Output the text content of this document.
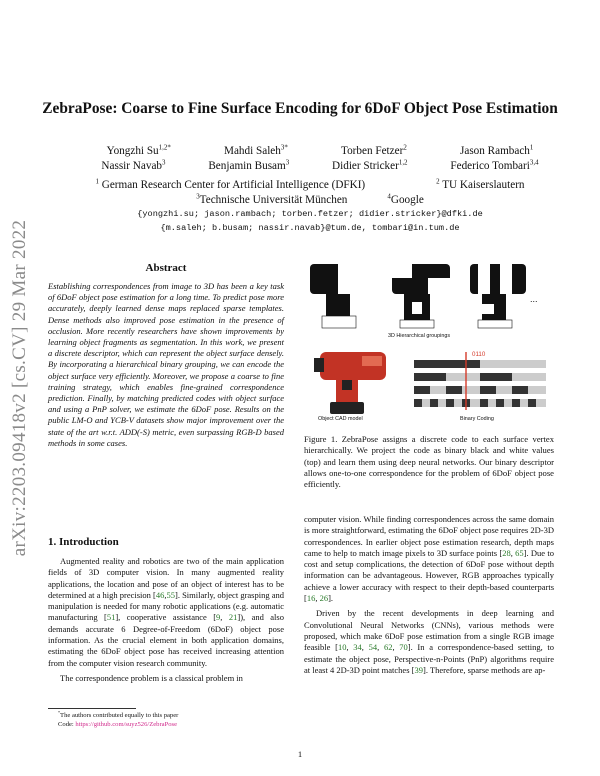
arXiv:2203.09418v2 [cs.CV] 29 Mar 2022
ZebraPose: Coarse to Fine Surface Encoding for 6DoF Object Pose Estimation
Yongzhi $Su^{1,2*}$	Mahdi Saleh$^{3*}$	Torben Fetzer$^2$	Jason Rambach$^1$
Nassir Navab$^3$	Benjamin Busam$^3$	Didier Stricker$^{1,2}$	Federico Tombari$^{3,4}$
$^1$ German Research Center for Artificial Intelligence (DFKI)	$^2$ TU Kaiserslautern
$^3$Technische Universität München	$^4$Google
{yongzhi.su; jason.rambach; torben.fetzer; didier.stricker}@dfki.de
{m.saleh; b.busam; nassir.navab}@tum.de, tombari@in.tum.de
Abstract
Establishing correspondences from image to 3D has been a key task of 6DoF object pose estimation for a long time. To predict pose more accurately, deeply learned dense maps replaced sparse templates. Dense methods also improved pose estimation in the presence of occlusion. More recently researchers have shown improvements by learning object fragments as segmentation. In this work, we present a discrete descriptor, which can represent the object surface densely. By incorporating a hierarchical binary grouping, we can encode the object surface very efficiently. Moreover, we propose a coarse to fine training strategy, which enables fine-grained correspondence prediction. Finally, by matching predicted codes with object surface and using a PnP solver, we estimate the 6DoF pose. Results on the public LM-O and YCB-V datasets show major improvement over the state of the art w.r.t. ADD(-S) metric, even surpassing RGB-D based methods in some cases.
...
0110
3D Hierarchical groupings
Object CAD model	Binary Coding
Figure 1. ZebraPose assigns a discrete code to each surface vertex hierarchically. We project the code as binary black and white values (top) and learn them using deep neural networks. Our binary descriptor allows one-to-one correspondence for the problem of 6DoF object pose efficiently.
1. Introduction

Augmented reality and robotics are two of the main application fields of 3D computer vision. In many augmented reality applications, the location and pose of an object of interest has to be determined at a high precision [46,55]. Similarly, object grasping and manipulation is needed for many robotic applications (e.g. automatic manufacturing [51], cooperative assistance [9, 21]), and also demands accurate 6 Degree-of-Freedom (6DoF) object pose information. As the crucial element in both application domains, estimating the 6DoF object pose has received increasing attention from the computer vision research community.

The correspondence problem is a classical problem in

computer vision. While finding correspondences across the same domain is more straightforward, estimating the 6DoF object pose requires 2D-3D correspondences. In earlier object pose estimation research, depth maps came to help to match image pixels to 3D surface points [28, 65]. Due to cost and setup complications, the detection of 6DoF pose without depth information can be advantageous. However, RGB approaches typically achieve a lower accuracy with respect to their depth-based counterparts [16, 26].

Driven by the recent developments in deep learning and Convolutional Neural Networks (CNNs), various methods were proposed, which make 6DoF pose estimation from a single RGB image feasible [10, 34, 54, 62, 70]. In a correspondence-based setting, to estimate the object pose, Perspective-n-Points (PnP) algorithms require at least 4 2D-3D point matches [39]. Therefore, sparse methods are ap-

*The authors contributed equally to this paper
Code: https://github.com/suyz526/ZebraPose
1
